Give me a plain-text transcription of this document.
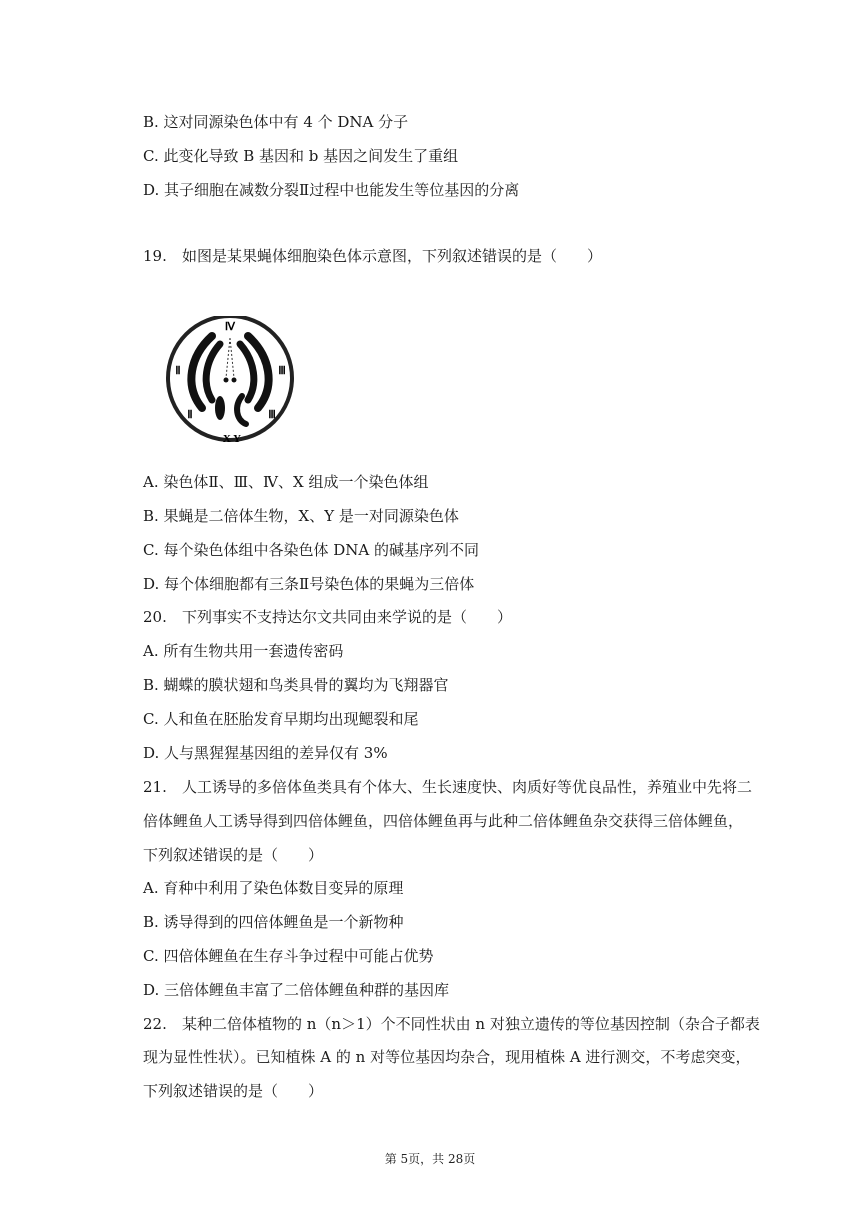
B. 这对同源染色体中有 4 个 DNA 分子
C. 此变化导致 B 基因和 b 基因之间发生了重组
D. 其子细胞在减数分裂Ⅱ过程中也能发生等位基因的分离
19. 如图是某果蝇体细胞染色体示意图，下列叙述错误的是（　　）
Ⅳ
Ⅱ	Ⅲ
Ⅱ	Ⅲ
X Y
A. 染色体Ⅱ、Ⅲ、Ⅳ、X 组成一个染色体组
B. 果蝇是二倍体生物，X、Y 是一对同源染色体
C. 每个染色体组中各染色体 DNA 的碱基序列不同
D. 每个体细胞都有三条Ⅱ号染色体的果蝇为三倍体
20. 下列事实不支持达尔文共同由来学说的是（　　）
A. 所有生物共用一套遗传密码
B. 蝴蝶的膜状翅和鸟类具骨的翼均为飞翔器官
C. 人和鱼在胚胎发育早期均出现鳃裂和尾
D. 人与黑猩猩基因组的差异仅有 3%
21. 人工诱导的多倍体鱼类具有个体大、生长速度快、肉质好等优良品性，养殖业中先将二
倍体鲤鱼人工诱导得到四倍体鲤鱼，四倍体鲤鱼再与此种二倍体鲤鱼杂交获得三倍体鲤鱼，
下列叙述错误的是（　　）
A. 育种中利用了染色体数目变异的原理
B. 诱导得到的四倍体鲤鱼是一个新物种
C. 四倍体鲤鱼在生存斗争过程中可能占优势
D. 三倍体鲤鱼丰富了二倍体鲤鱼种群的基因库
22. 某种二倍体植物的 n（n＞1）个不同性状由 n 对独立遗传的等位基因控制（杂合子都表
现为显性性状）。已知植株 A 的 n 对等位基因均杂合，现用植株 A 进行测交，不考虑突变，
下列叙述错误的是（　　）
第 5页，共 28页
